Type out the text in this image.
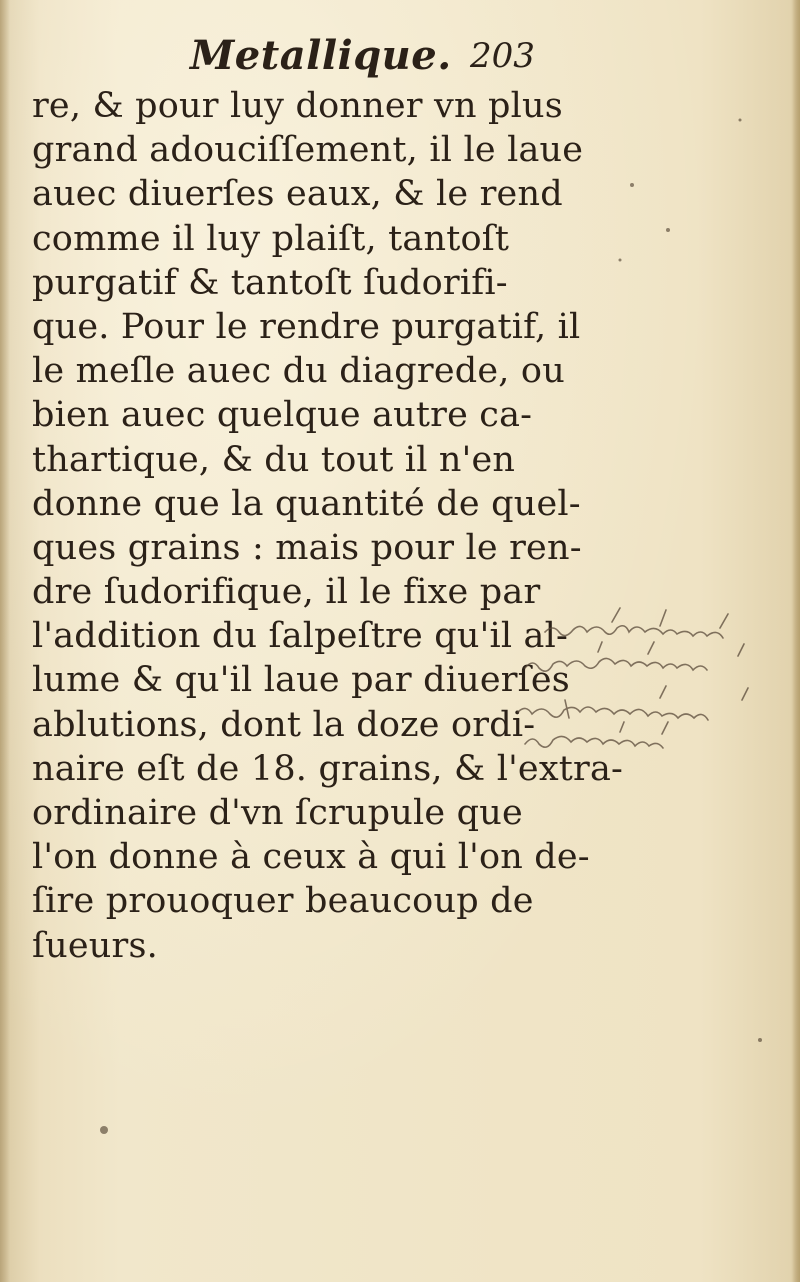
Metallique. 203
re, & pour luy donner vn plus
grand adouciſſement, il le laue
auec diuerſes eaux, & le rend
comme il luy plaiſt, tantoſt
purgatif & tantoſt ſudorifi-
que. Pour le rendre purgatif, il
le meſle auec du diagrede, ou
bien auec quelque autre ca-
thartique, & du tout il n'en
donne que la quantité de quel-
ques grains : mais pour le ren-
dre ſudorifique, il le fixe par
l'addition du ſalpeſtre qu'il al-
lume & qu'il laue par diuerſes
ablutions, dont la doze ordi-
naire eſt de 18. grains, & l'extra-
ordinaire d'vn ſcrupule que
l'on donne à ceux à qui l'on de-
ſire prouoquer beaucoup de
ſueurs.
